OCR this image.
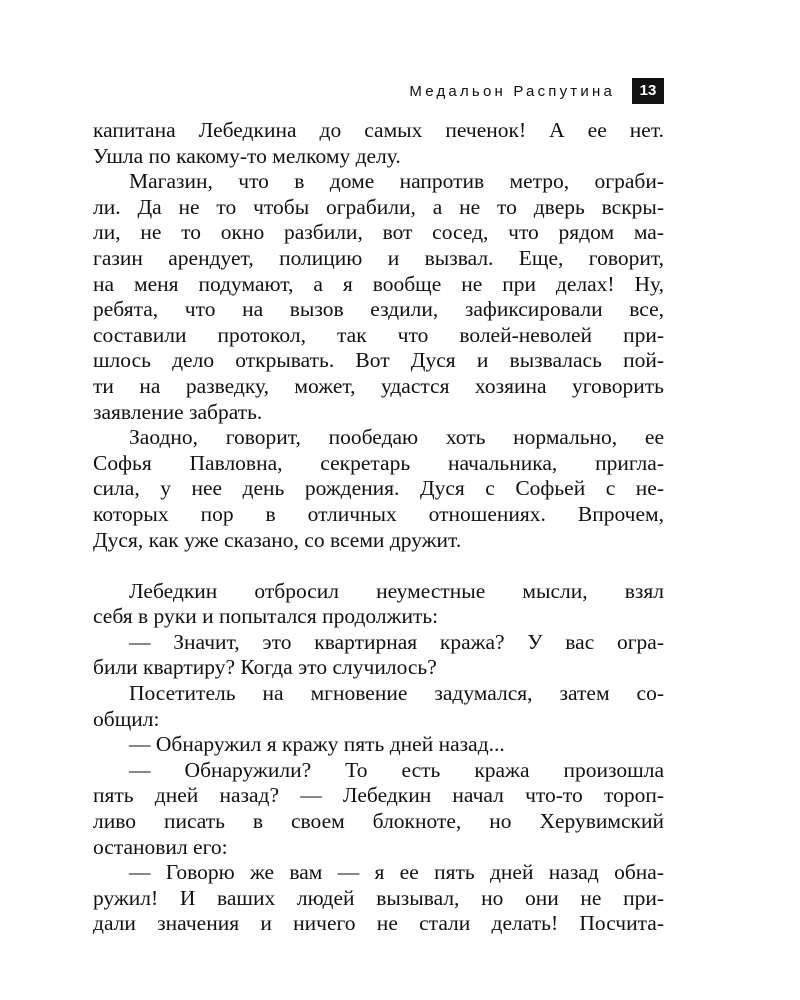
Медальон Распутина	13
капитана Лебедкина до самых печенок! А ее нет.
Ушла по какому-то мелкому делу.
Магазин, что в доме напротив метро, ограби-
ли. Да не то чтобы ограбили, а не то дверь вскры-
ли, не то окно разбили, вот сосед, что рядом ма-
газин арендует, полицию и вызвал. Еще, говорит,
на меня подумают, а я вообще не при делах! Ну,
ребята, что на вызов ездили, зафиксировали все,
составили протокол, так что волей-неволей при-
шлось дело открывать. Вот Дуся и вызвалась пой-
ти на разведку, может, удастся хозяина уговорить
заявление забрать.
Заодно, говорит, пообедаю хоть нормально, ее
Софья Павловна, секретарь начальника, пригла-
сила, у нее день рождения. Дуся с Софьей с не-
которых пор в отличных отношениях. Впрочем,
Дуся, как уже сказано, со всеми дружит.
Лебедкин отбросил неуместные мысли, взял
себя в руки и попытался продолжить:
— Значит, это квартирная кража? У вас огра-
били квартиру? Когда это случилось?
Посетитель на мгновение задумался, затем со-
общил:
— Обнаружил я кражу пять дней назад...
— Обнаружили? То есть кража произошла
пять дней назад? — Лебедкин начал что-то тороп-
ливо писать в своем блокноте, но Херувимский
остановил его:
— Говорю же вам — я ее пять дней назад обна-
ружил! И ваших людей вызывал, но они не при-
дали значения и ничего не стали делать! Посчита-
